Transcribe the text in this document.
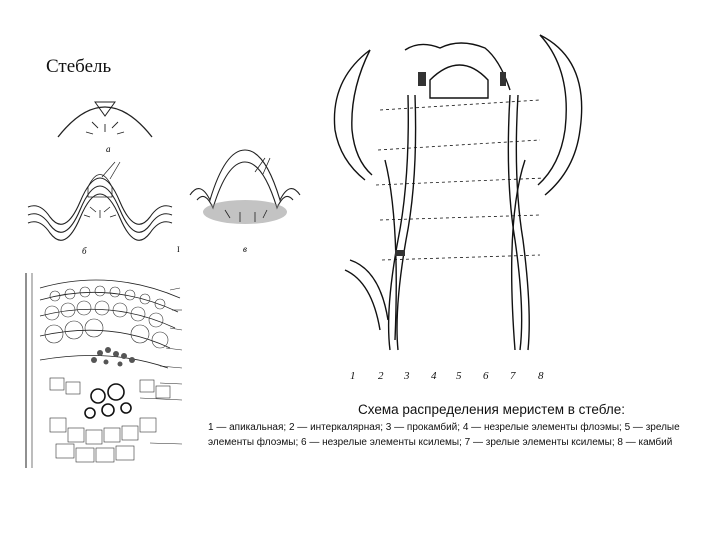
Стебель
а
б	в
I
1 2 3 4 5 6 7 8
Схема распределения меристем в стебле:
1 — апикальная; 2 — интеркалярная; 3 — прокамбий; 4 — незрелые элементы флоэмы; 5 — зрелые элементы флоэмы; 6 — незрелые элементы ксилемы; 7 — зрелые элементы ксилемы; 8 — камбий
